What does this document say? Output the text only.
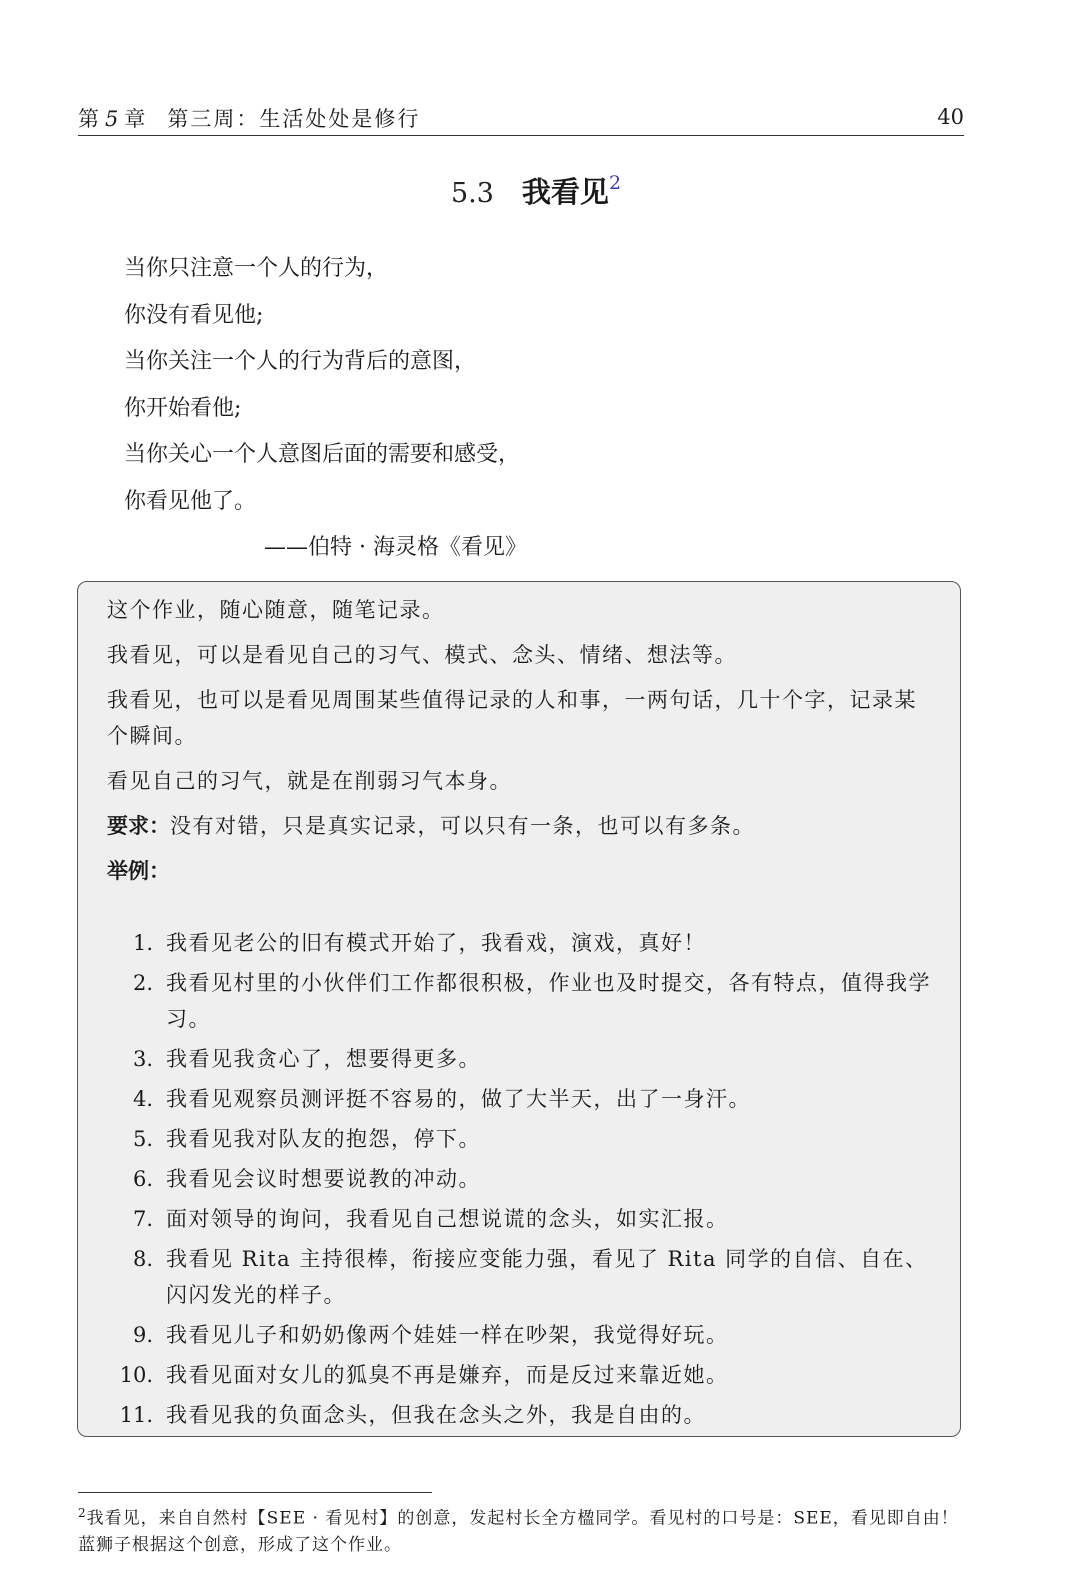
第 5 章 第三周：生活处处是修行	40
5.3 我看见$^2$
当你只注意一个人的行为，
你没有看见他;
当你关注一个人的行为背后的意图，
你开始看他;
当你关心一个人意图后面的需要和感受，
你看见他了。
——伯特 · 海灵格《看见》

这个作业，随心随意，随笔记录。

我看见，可以是看见自己的习气、模式、念头、情绪、想法等。

我看见，也可以是看见周围某些值得记录的人和事，一两句话，几十个字，记录某个瞬间。

看见自己的习气，就是在削弱习气本身。

要求：没有对错，只是真实记录，可以只有一条，也可以有多条。

举例：

1. 我看见老公的旧有模式开始了，我看戏，演戏，真好！
2. 我看见村里的小伙伴们工作都很积极，作业也及时提交，各有特点，值得我学习。
3. 我看见我贪心了，想要得更多。
4. 我看见观察员测评挺不容易的，做了大半天，出了一身汗。
5. 我看见我对队友的抱怨，停下。
6. 我看见会议时想要说教的冲动。
7. 面对领导的询问，我看见自己想说谎的念头，如实汇报。
8. 我看见 Rita 主持很棒，衔接应变能力强，看见了 Rita 同学的自信、自在、闪闪发光的样子。
9. 我看见儿子和奶奶像两个娃娃一样在吵架，我觉得好玩。
10. 我看见面对女儿的狐臭不再是嫌弃，而是反过来靠近她。
11. 我看见我的负面念头，但我在念头之外，我是自由的。
$^2$我看见，来自自然村【SEE · 看见村】的创意，发起村长全方楹同学。看见村的口号是：SEE，看见即自由！蓝狮子根据这个创意，形成了这个作业。
